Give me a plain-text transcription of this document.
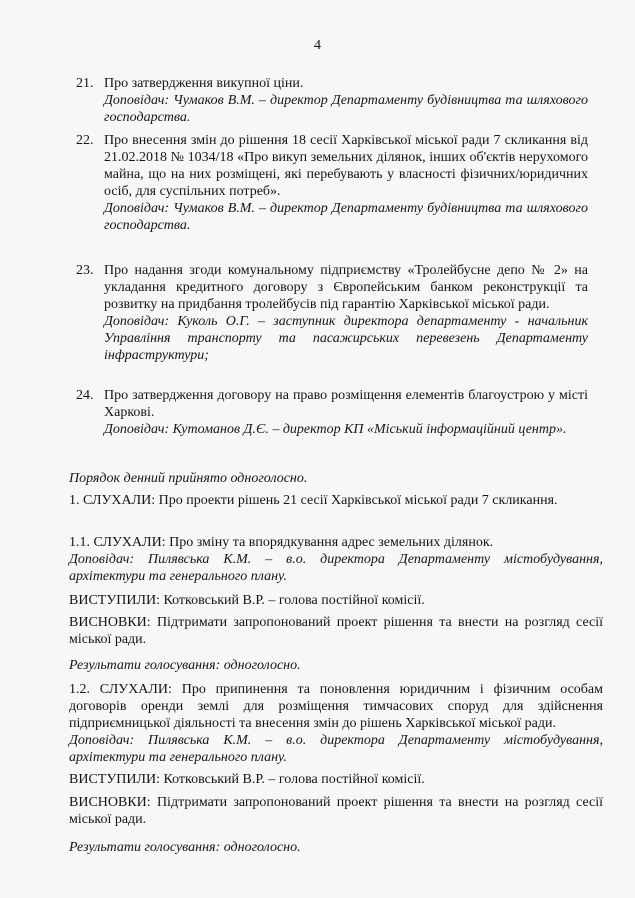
4
21. Про затвердження викупної ціни.
Доповідач: Чумаков В.М. – директор Департаменту будівництва та шляхового господарства.
22. Про внесення змін до рішення 18 сесії Харківської міської ради 7 скликання від 21.02.2018 № 1034/18 «Про викуп земельних ділянок, інших об'єктів нерухомого майна, що на них розміщені, які перебувають у власності фізичних/юридичних осіб, для суспільних потреб».
Доповідач: Чумаков В.М. – директор Департаменту будівництва та шляхового господарства.
23. Про надання згоди комунальному підприємству «Тролейбусне депо № 2» на укладання кредитного договору з Європейським банком реконструкції та розвитку на придбання тролейбусів під гарантію Харківської міської ради.
Доповідач: Куколь О.Г. – заступник директора департаменту - начальник Управління транспорту та пасажирських перевезень Департаменту інфраструктури;
24. Про затвердження договору на право розміщення елементів благоустрою у місті Харкові.
Доповідач: Кутоманов Д.Є. – директор КП «Міський інформаційний центр».
Порядок денний прийнято одноголосно.
1. СЛУХАЛИ: Про проекти рішень 21 сесії Харківської міської ради 7 скликання.
1.1. СЛУХАЛИ: Про зміну та впорядкування адрес земельних ділянок.
Доповідач: Пилявська К.М. – в.о. директора Департаменту містобудування, архітектури та генерального плану.
ВИСТУПИЛИ: Котковський В.Р. – голова постійної комісії.
ВИСНОВКИ: Підтримати запропонований проект рішення та внести на розгляд сесії міської ради.
Результати голосування: одноголосно.
1.2. СЛУХАЛИ: Про припинення та поновлення юридичним і фізичним особам договорів оренди землі для розміщення тимчасових споруд для здійснення підприємницької діяльності та внесення змін до рішень Харківської міської ради.
Доповідач: Пилявська К.М. – в.о. директора Департаменту містобудування, архітектури та генерального плану.
ВИСТУПИЛИ: Котковський В.Р. – голова постійної комісії.
ВИСНОВКИ: Підтримати запропонований проект рішення та внести на розгляд сесії міської ради.
Результати голосування: одноголосно.
